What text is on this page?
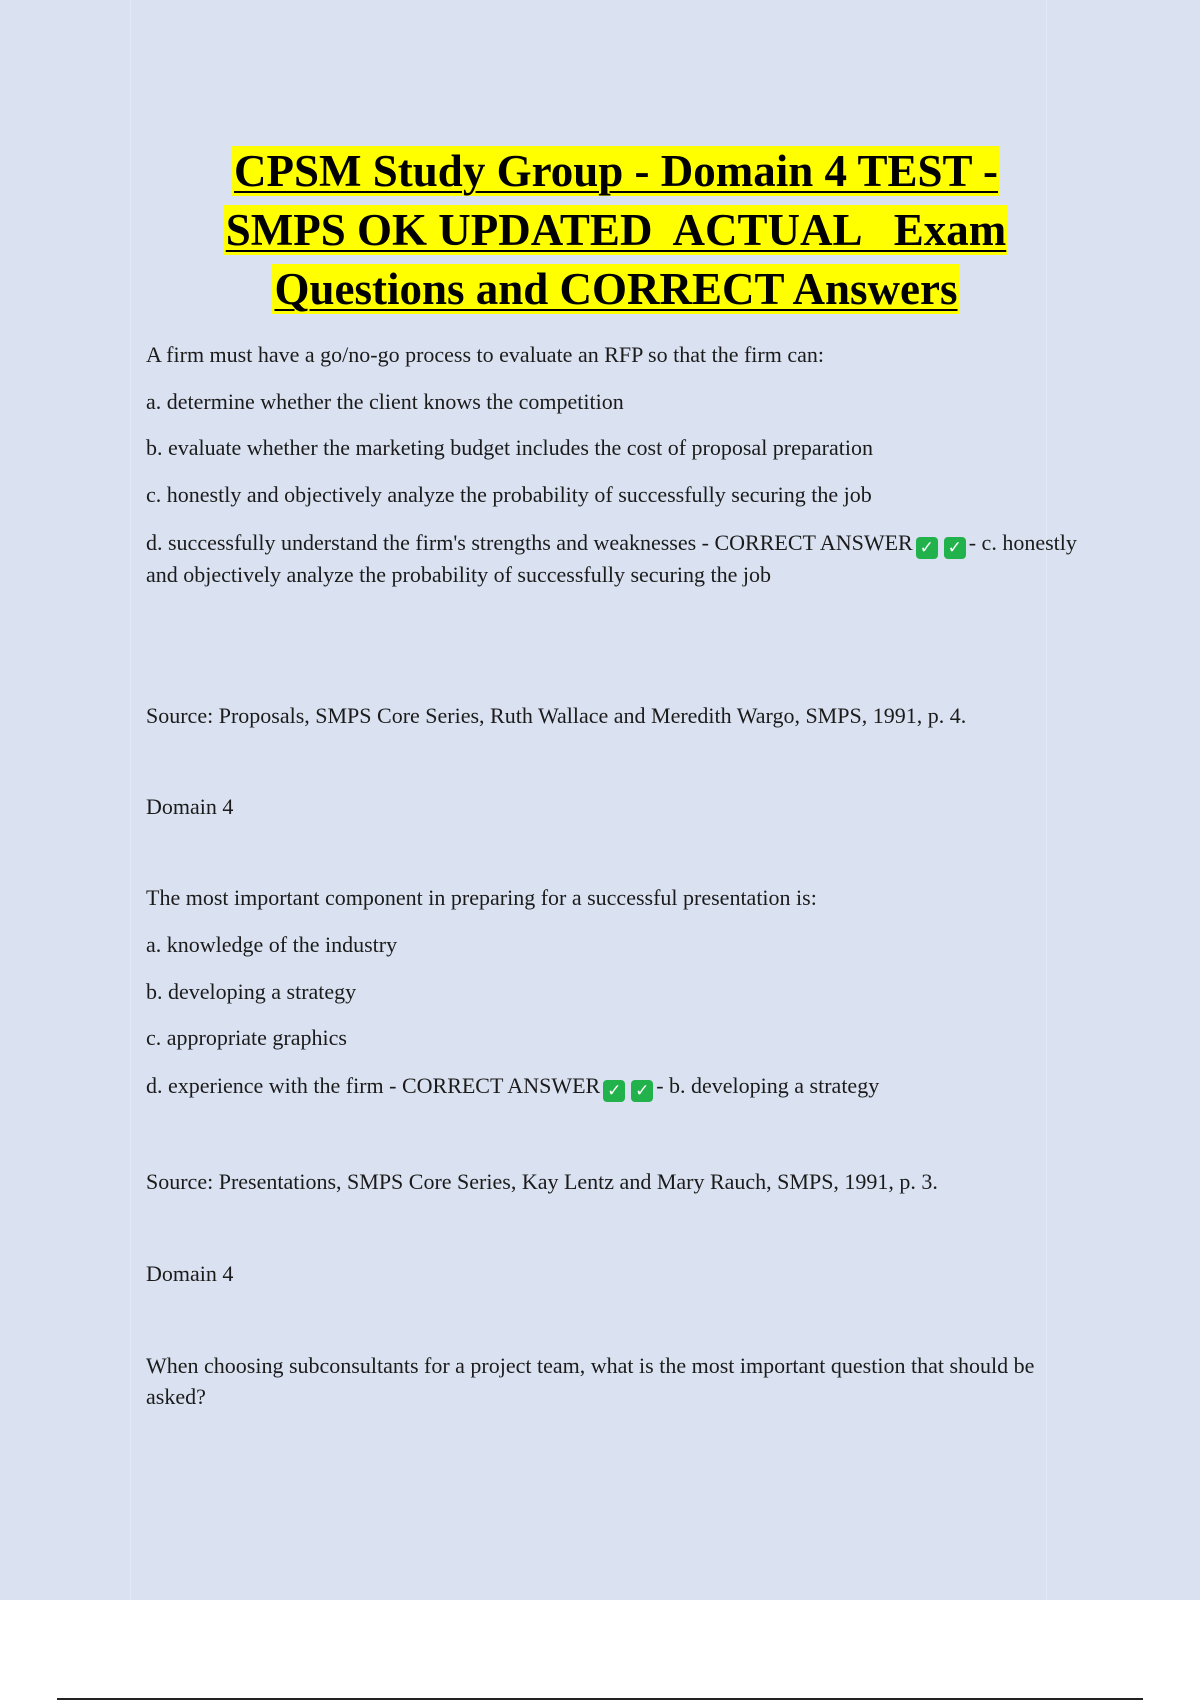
CPSM Study Group - Domain 4 TEST -
SMPS OK UPDATED  ACTUAL   Exam
Questions and CORRECT Answers
A firm must have a go/no-go process to evaluate an RFP so that the firm can:
a. determine whether the client knows the competition
b. evaluate whether the marketing budget includes the cost of proposal preparation
c. honestly and objectively analyze the probability of successfully securing the job
d. successfully understand the firm's strengths and weaknesses - CORRECT ANSWER ✓ ✓ - c. honestly and objectively analyze the probability of successfully securing the job
Source: Proposals, SMPS Core Series, Ruth Wallace and Meredith Wargo, SMPS, 1991, p. 4.
Domain 4
The most important component in preparing for a successful presentation is:
a. knowledge of the industry
b. developing a strategy
c. appropriate graphics
d. experience with the firm - CORRECT ANSWER ✓ ✓ - b. developing a strategy
Source: Presentations, SMPS Core Series, Kay Lentz and Mary Rauch, SMPS, 1991, p. 3.
Domain 4
When choosing subconsultants for a project team, what is the most important question that should be asked?
